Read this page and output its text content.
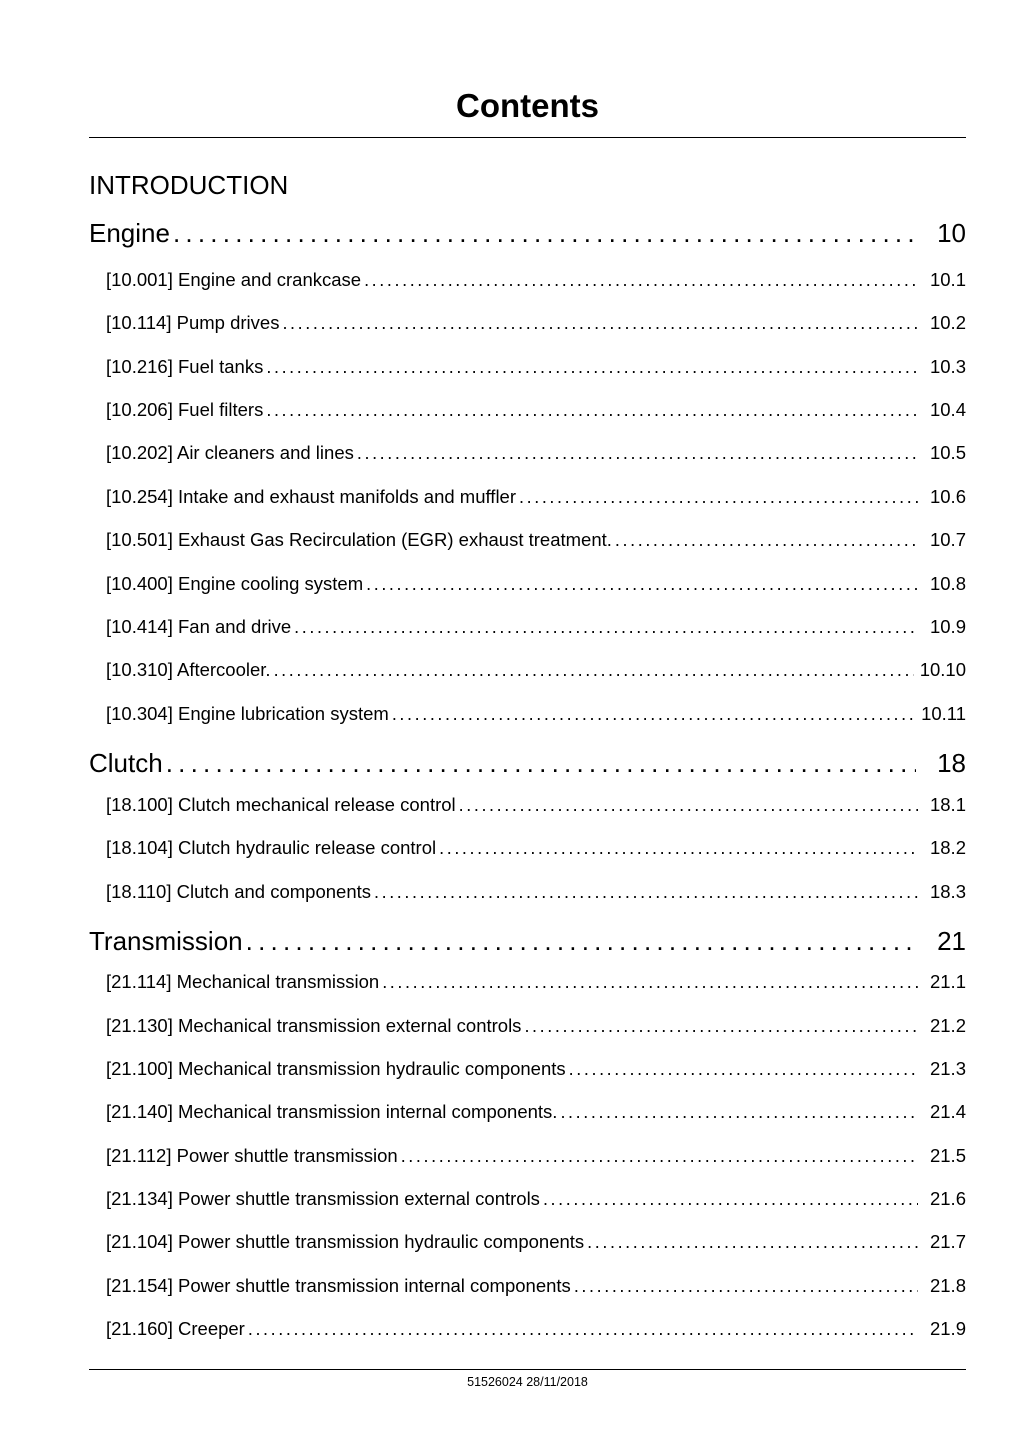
Contents
INTRODUCTION
Engine . . .	10
[10.001] Engine and crankcase . . .	10.1
[10.114] Pump drives . . .	10.2
[10.216] Fuel tanks . . .	10.3
[10.206] Fuel filters . . .	10.4
[10.202] Air cleaners and lines . . .	10.5
[10.254] Intake and exhaust manifolds and muffler . . .	10.6
[10.501] Exhaust Gas Recirculation (EGR) exhaust treatment. . . .	10.7
[10.400] Engine cooling system . . .	10.8
[10.414] Fan and drive . . .	10.9
[10.310] Aftercooler. . . .	10.10
[10.304] Engine lubrication system . . .	10.11
Clutch . . .	18
[18.100] Clutch mechanical release control . . .	18.1
[18.104] Clutch hydraulic release control . . .	18.2
[18.110] Clutch and components . . .	18.3
Transmission . . .	21
[21.114] Mechanical transmission . . .	21.1
[21.130] Mechanical transmission external controls . . .	21.2
[21.100] Mechanical transmission hydraulic components . . .	21.3
[21.140] Mechanical transmission internal components. . . .	21.4
[21.112] Power shuttle transmission . . .	21.5
[21.134] Power shuttle transmission external controls . . .	21.6
[21.104] Power shuttle transmission hydraulic components . . .	21.7
[21.154] Power shuttle transmission internal components . . .	21.8
[21.160] Creeper . . .	21.9
51526024 28/11/2018
